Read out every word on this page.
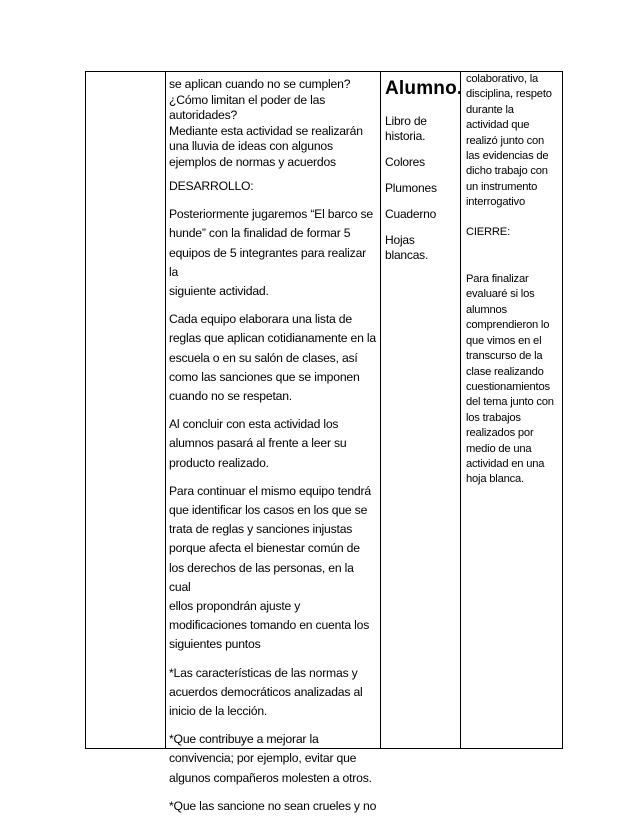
se aplican cuando no se cumplen?
¿Cómo limitan el poder de las
autoridades?
Mediante esta actividad se realizarán
una lluvia de ideas con algunos
ejemplos de normas y acuerdos

DESARROLLO:

Posteriormente jugaremos “El barco se
hunde” con la finalidad de formar 5
equipos de 5 integrantes para realizar la
siguiente actividad.

Cada equipo elaborara una lista de
reglas que aplican cotidianamente en la
escuela o en su salón de clases, así
como las sanciones que se imponen
cuando no se respetan.

Al concluir con esta actividad los
alumnos pasará al frente a leer su
producto realizado.

Para continuar el mismo equipo tendrá
que identificar los casos en los que se
trata de reglas y sanciones injustas
porque afecta el bienestar común de
los derechos de las personas, en la cual
ellos propondrán ajuste y
modificaciones tomando en cuenta los
siguientes puntos

*Las características de las normas y
acuerdos democráticos analizadas al
inicio de la lección.

*Que contribuye a mejorar la
convivencia; por ejemplo, evitar que
algunos compañeros molesten a otros.

*Que las sancione no sean crueles y no

Alumno.

Libro de
historia.

Colores

Plumones

Cuaderno

Hojas blancas.

colaborativo, la
disciplina, respeto
durante la
actividad que
realizó junto con
las evidencias de
dicho trabajo con
un instrumento
interrogativo

CIERRE:

Para finalizar
evaluaré si los
alumnos
comprendieron lo
que vimos en el
transcurso de la
clase realizando
cuestionamientos
del tema junto con
los trabajos
realizados por
medio de una
actividad en una
hoja blanca.
